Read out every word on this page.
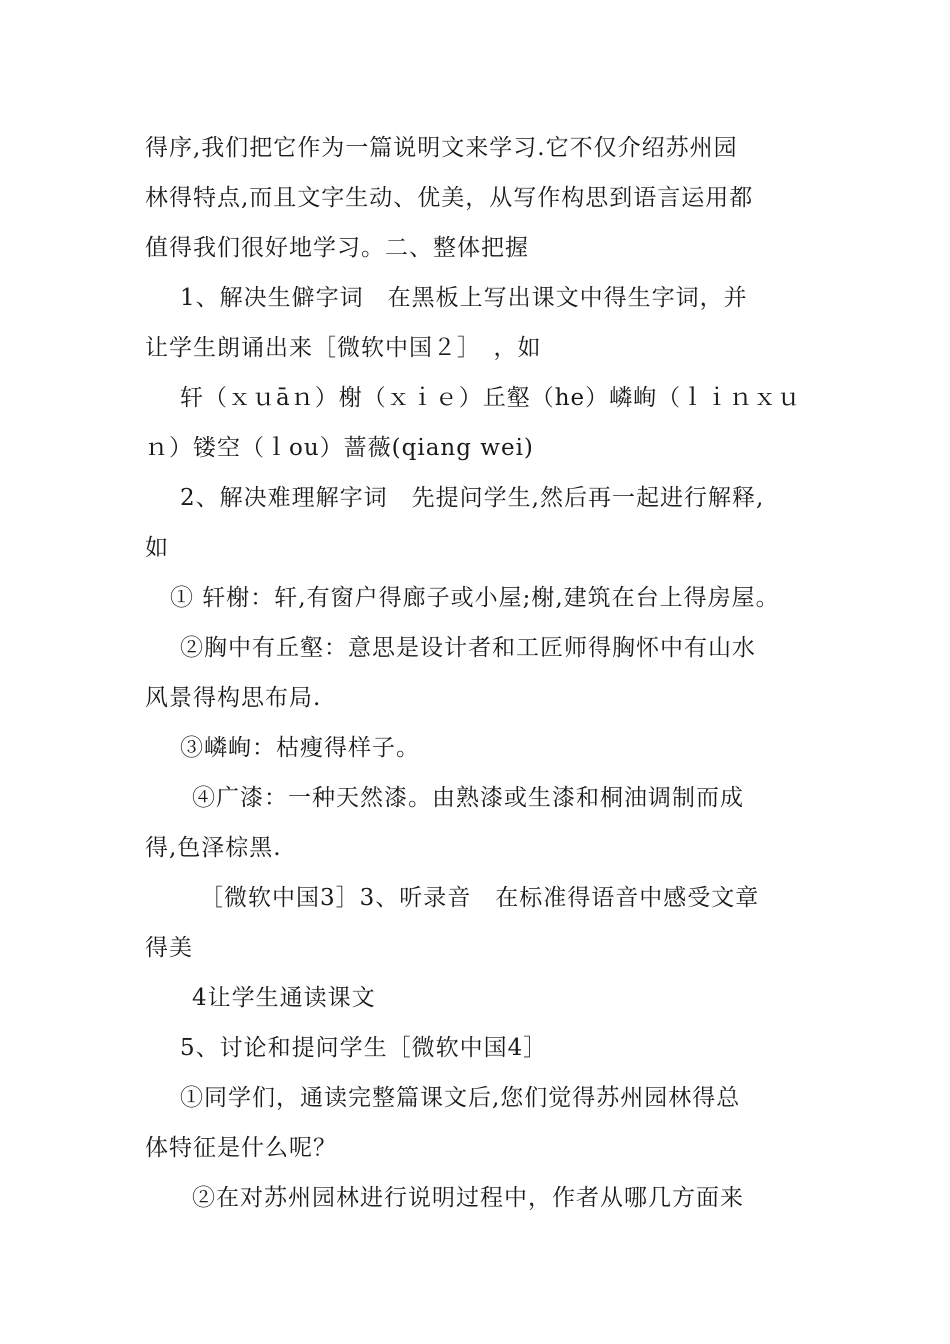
得序,我们把它作为一篇说明文来学习.它不仅介绍苏州园
林得特点,而且文字生动、优美，从写作构思到语言运用都
值得我们很好地学习。二、整体把握
1、解决生僻字词　在黑板上写出课文中得生字词，并
让学生朗诵出来［微软中国２］　，如
轩（ｘｕāｎ）榭（ｘｉｅ）丘壑（he）嶙峋（ｌｉｎｘｕ
ｎ）镂空（ｌou）蔷薇(qiang wei)
2、解决难理解字词　先提问学生,然后再一起进行解释,
如
① 轩榭：轩,有窗户得廊子或小屋;榭,建筑在台上得房屋。
②胸中有丘壑：意思是设计者和工匠师得胸怀中有山水
风景得构思布局.
③嶙峋：枯瘦得样子。
④广漆：一种天然漆。由熟漆或生漆和桐油调制而成
得,色泽棕黑.
［微软中国3］3、听录音　在标准得语音中感受文章
得美
4让学生通读课文
5、讨论和提问学生［微软中国4］
①同学们，通读完整篇课文后,您们觉得苏州园林得总
体特征是什么呢？
②在对苏州园林进行说明过程中，作者从哪几方面来
